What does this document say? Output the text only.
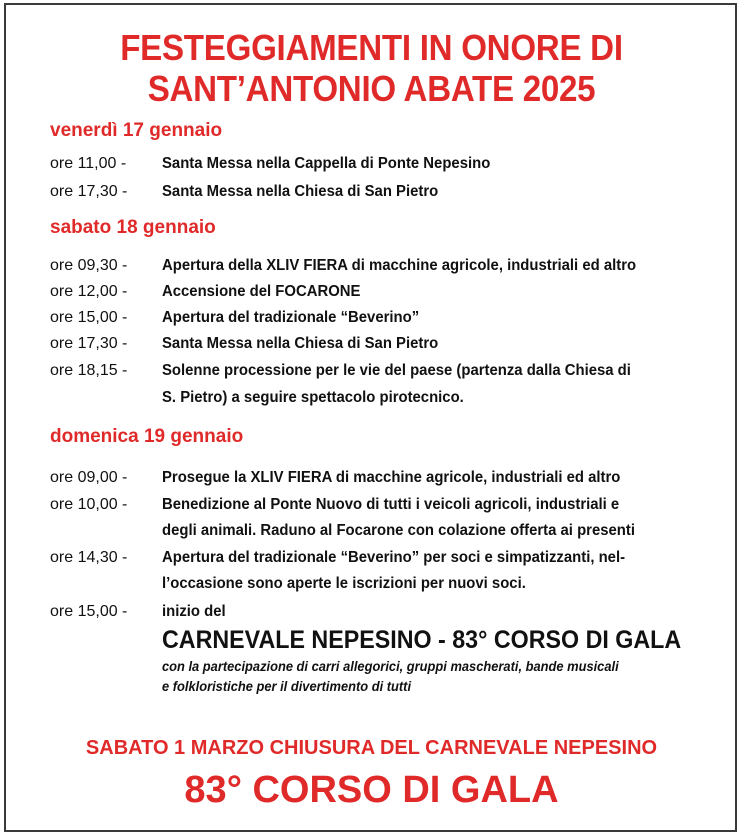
FESTEGGIAMENTI IN ONORE DI
SANT’ANTONIO ABATE 2025
venerdì 17 gennaio
ore 11,00 - Santa Messa nella Cappella di Ponte Nepesino
ore 17,30 - Santa Messa nella Chiesa di San Pietro
sabato 18 gennaio
ore 09,30 - Apertura della XLIV FIERA di macchine agricole, industriali ed altro
ore 12,00 - Accensione del FOCARONE
ore 15,00 - Apertura del tradizionale “Beverino”
ore 17,30 - Santa Messa nella Chiesa di San Pietro
ore 18,15 - Solenne processione per le vie del paese (partenza dalla Chiesa di
S. Pietro) a seguire spettacolo pirotecnico.
domenica 19 gennaio
ore 09,00 - Prosegue la XLIV FIERA di macchine agricole, industriali ed altro
ore 10,00 - Benedizione al Ponte Nuovo di tutti i veicoli agricoli, industriali e
degli animali. Raduno al Focarone con colazione offerta ai presenti
ore 14,30 - Apertura del tradizionale “Beverino” per soci e simpatizzanti, nel-
l’occasione sono aperte le iscrizioni per nuovi soci.
ore 15,00 - inizio del
CARNEVALE NEPESINO - 83° CORSO DI GALA
con la partecipazione di carri allegorici, gruppi mascherati, bande musicali
e folkloristiche per il divertimento di tutti
SABATO 1 MARZO CHIUSURA DEL CARNEVALE NEPESINO
83° CORSO DI GALA
